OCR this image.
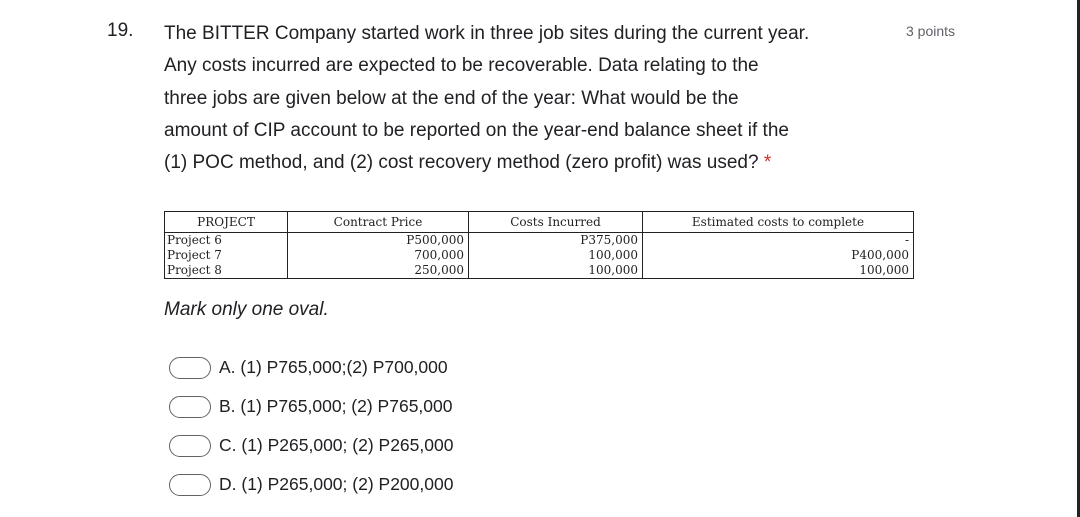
19. The BITTER Company started work in three job sites during the current year.
Any costs incurred are expected to be recoverable. Data relating to the
three jobs are given below at the end of the year: What would be the
amount of CIP account to be reported on the year-end balance sheet if the
(1) POC method, and (2) cost recovery method (zero profit) was used? *
3 points
PROJECT	Contract Price	Costs Incurred	Estimated costs to complete
Project 6	P500,000	P375,000	-
Project 7	700,000	100,000	P400,000
Project 8	250,000	100,000	100,000
Mark only one oval.
A. (1) P765,000;(2) P700,000
B. (1) P765,000; (2) P765,000
C. (1) P265,000; (2) P265,000
D. (1) P265,000; (2) P200,000
